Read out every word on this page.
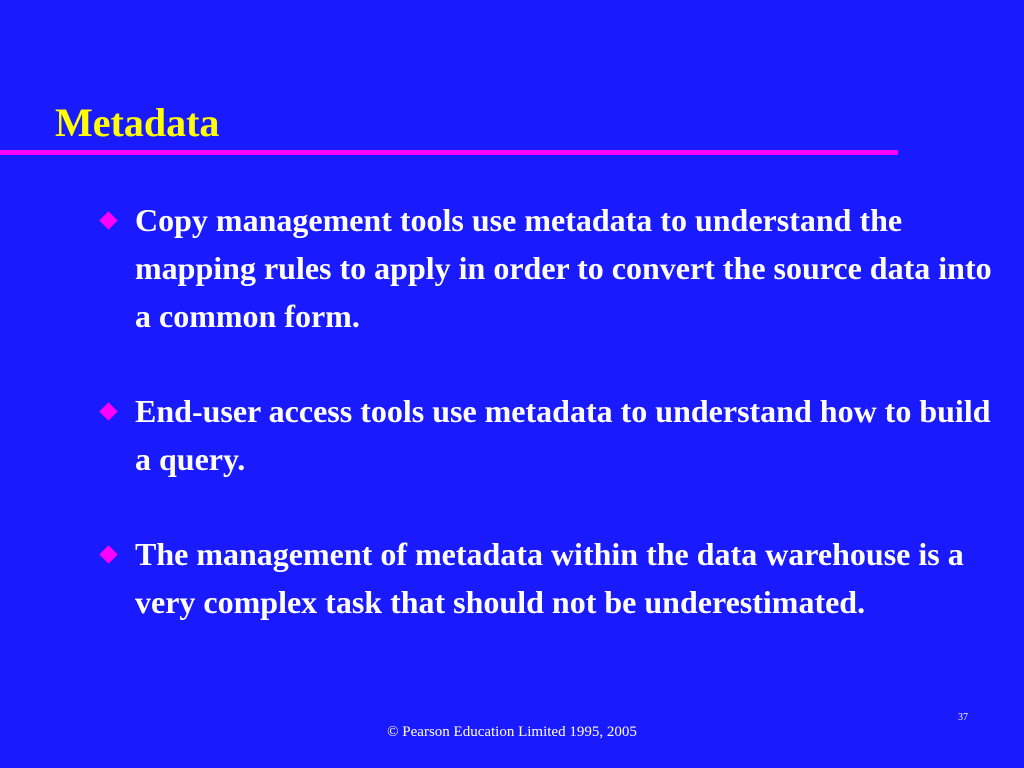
Metadata
Copy management tools use metadata to understand the mapping rules to apply in order to convert the source data into a common form.
End-user access tools use metadata to understand how to build a query.
The management of metadata within the data warehouse is a very complex task that should not be underestimated.
37
© Pearson Education Limited 1995, 2005
